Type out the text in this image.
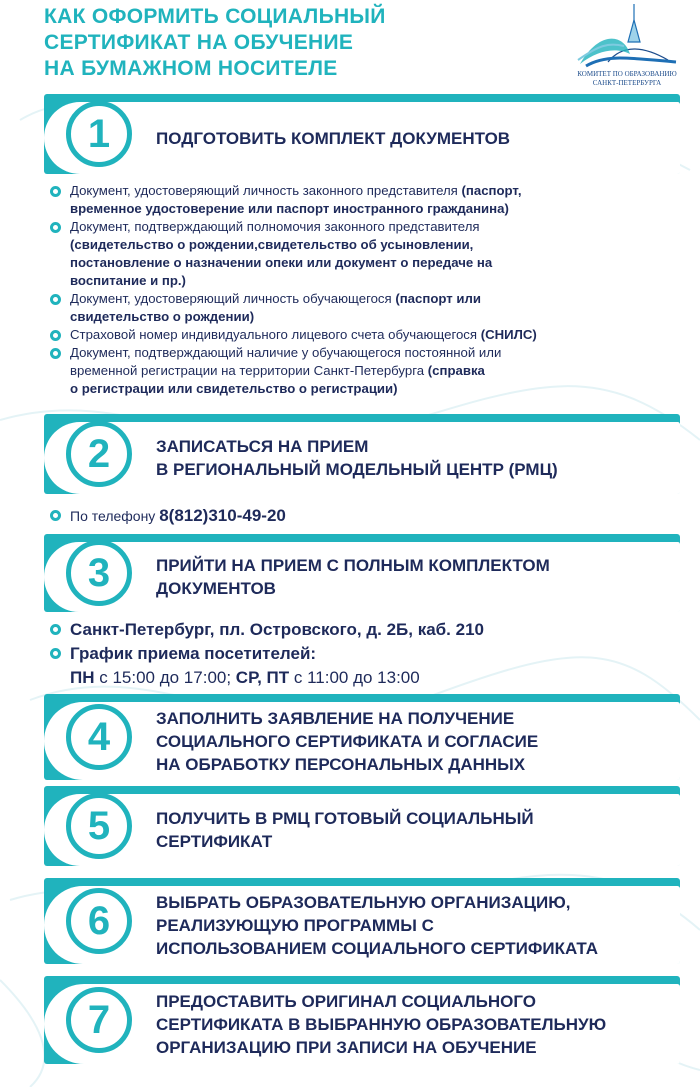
КАК ОФОРМИТЬ СОЦИАЛЬНЫЙ
СЕРТИФИКАТ НА ОБУЧЕНИЕ
НА БУМАЖНОМ НОСИТЕЛЕ	КОМИТЕТ ПО ОБРАЗОВАНИЮ
САНКТ-ПЕТЕРБУРГА
1	ПОДГОТОВИТЬ КОМПЛЕКТ ДОКУМЕНТОВ
Документ, удостоверяющий личность законного представителя (паспорт,
временное удостоверение или паспорт иностранного гражданина)
Документ, подтверждающий полномочия законного представителя
(свидетельство о рождении,свидетельство об усыновлении,
постановление о назначении опеки или документ о передаче на
воспитание и пр.)
Документ, удостоверяющий личность обучающегося (паспорт или
свидетельство о рождении)
Страховой номер индивидуального лицевого счета обучающегося (СНИЛС)
Документ, подтверждающий наличие у обучающегося постоянной или
временной регистрации на территории Санкт-Петербурга (справка
о регистрации или свидетельство о регистрации)
2	ЗАПИСАТЬСЯ НА ПРИЕМ
В РЕГИОНАЛЬНЫЙ МОДЕЛЬНЫЙ ЦЕНТР (РМЦ)
По телефону 8(812)310-49-20
3	ПРИЙТИ НА ПРИЕМ С ПОЛНЫМ КОМПЛЕКТОМ
ДОКУМЕНТОВ
Санкт-Петербург, пл. Островского, д. 2Б, каб. 210
График приема посетителей:
ПН с 15:00 до 17:00; СР, ПТ с 11:00 до 13:00
4	ЗАПОЛНИТЬ ЗАЯВЛЕНИЕ НА ПОЛУЧЕНИЕ
СОЦИАЛЬНОГО СЕРТИФИКАТА И СОГЛАСИЕ
НА ОБРАБОТКУ ПЕРСОНАЛЬНЫХ ДАННЫХ
5	ПОЛУЧИТЬ В РМЦ ГОТОВЫЙ СОЦИАЛЬНЫЙ
СЕРТИФИКАТ
6	ВЫБРАТЬ ОБРАЗОВАТЕЛЬНУЮ ОРГАНИЗАЦИЮ,
РЕАЛИЗУЮЩУЮ ПРОГРАММЫ С
ИСПОЛЬЗОВАНИЕМ СОЦИАЛЬНОГО СЕРТИФИКАТА
7	ПРЕДОСТАВИТЬ ОРИГИНАЛ СОЦИАЛЬНОГО
СЕРТИФИКАТА В ВЫБРАННУЮ ОБРАЗОВАТЕЛЬНУЮ
ОРГАНИЗАЦИЮ ПРИ ЗАПИСИ НА ОБУЧЕНИЕ
